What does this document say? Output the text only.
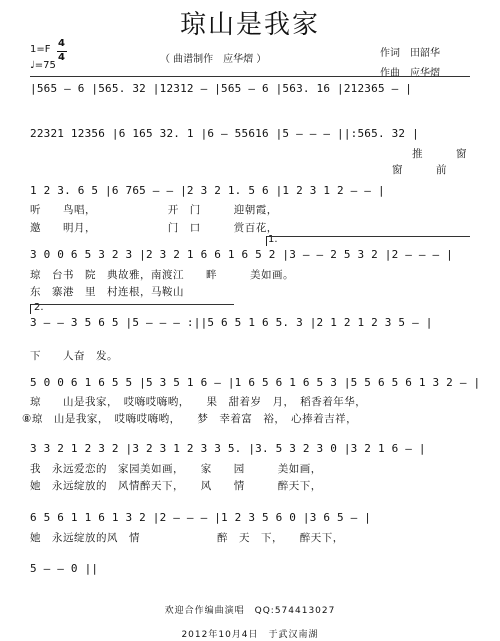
琼山是我家
1=F
4
4
♩=75
（ 曲谱制作　应华熠 ）
作词　田韶华
作曲　应华熠
|565 – 6 |565. 32 |12312 – |565 – 6 |563. 16 |212365 – |
22321 12356 |6 165 32. 1 |6 – 55616 |5 – – – ||:565. 32 |
推　　　窗
窗　　　前
1 2 3. 6 5 |6 765 – – |2 3 2 1. 5 6 |1 2 3 1 2 – – |
听　　鸟唱，　　　　　　　开　门　　　迎朝霞，
邀　　明月，　　　　　　　门　口　　　赏百花，
1.
3 0 0 6 5 3 2 3 |2 3 2 1 6 6 1 6 5 2 |3 – – 2 5 3 2 |2 – – – |
琼　台书　院　典故雅，南渡江　　畔　　　美如画。
东　寨港　里　村连根，马鞍山
2.
3 – – 3 5 6 5 |5 – – – :||5 6 5 1 6 5. 3 |2 1 2 1 2 3 5 – |
下　　人奋　发。
5 0 0 6 1 6 5 5 |5 3 5 1 6 – |1 6 5 6 1 6 5 3 |5 5 6 5 6 1 3 2 – |
琼　　山是我家，　哎嗨哎嗨哟，　　果　甜着岁　月，　稻香着年华，
⑧琼　山是我家，　哎嗨哎嗨哟，　　梦　幸着富　裕，　心捧着吉祥，
3 3 2 1 2 3 2 |3 2 3 1 2 3 3 5. |3. 5 3 2 3 0 |3 2 1 6 – |
我　永远爱恋的　家园美如画，　　家　　园　　　美如画，
她　永远绽放的　风情醉天下，　　风　　情　　　醉天下，
6 5 6 1 1 6 1 3 2 |2 – – – |1 2 3 5 6 0 |3 6 5 – |
她　永远绽放的风　情　　　　　　　醉　天　下，　　醉天下，
5 – – 0 ||
欢迎合作编曲演唱　QQ:574413027
2012年10月4日　于武汉南湖
